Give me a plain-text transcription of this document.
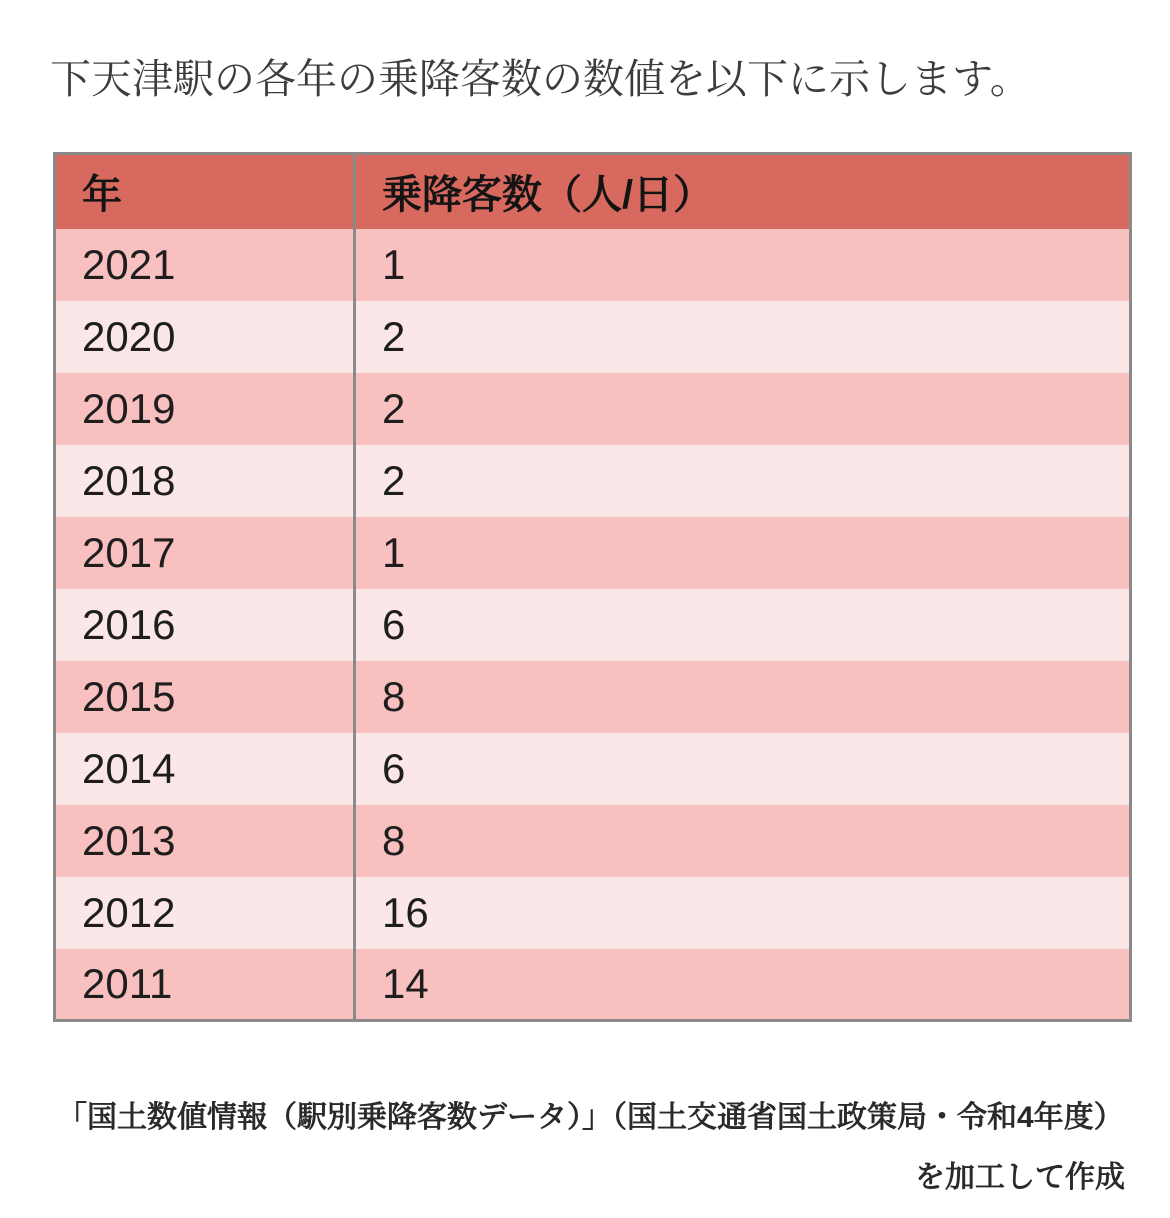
下天津駅の各年の乗降客数の数値を以下に示します。
年	乗降客数（人/日）
2021	1
2020	2
2019	2
2018	2
2017	1
2016	6
2015	8
2014	6
2013	8
2012	16
2011	14
「国土数値情報（駅別乗降客数データ）」（国土交通省国土政策局・令和4年度）
を加工して作成
